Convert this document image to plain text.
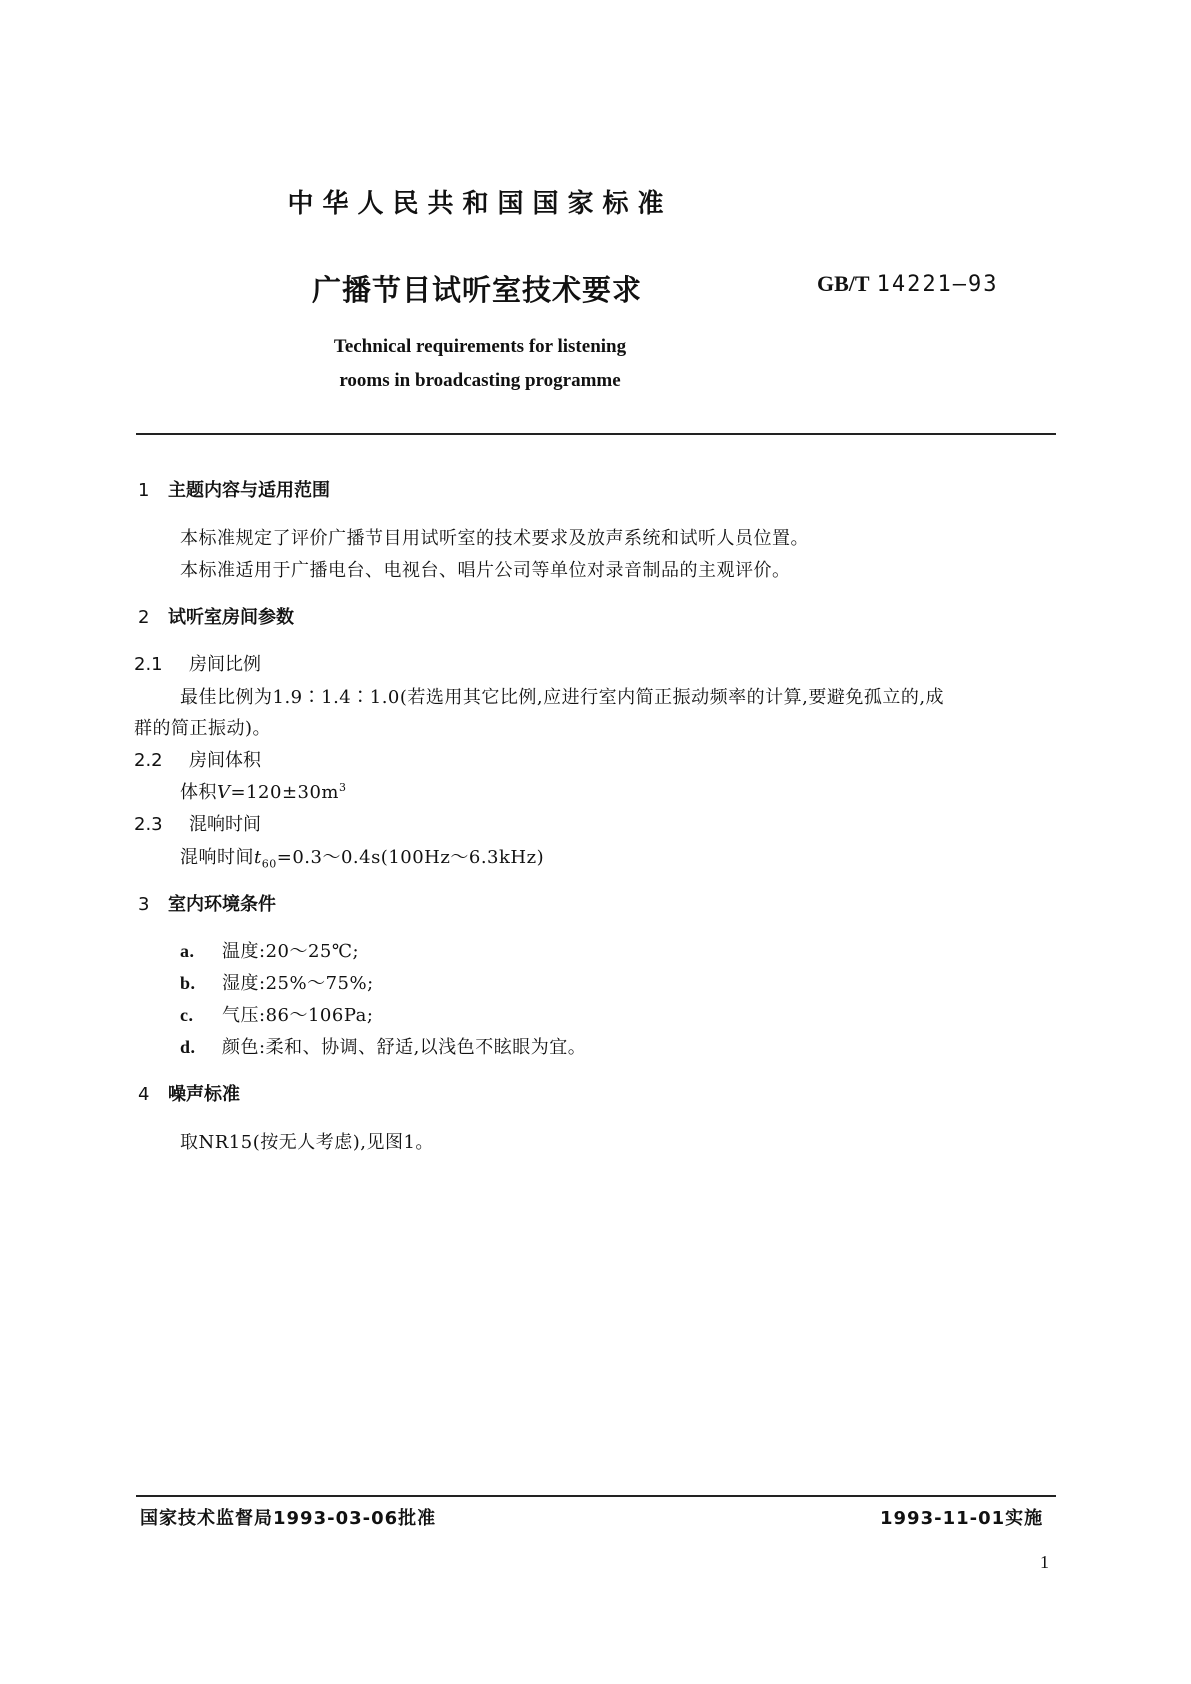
中华人民共和国国家标准
广播节目试听室技术要求	GB/T 14221—93
Technical requirements for listening
rooms in broadcasting programme
1 主题内容与适用范围
本标准规定了评价广播节目用试听室的技术要求及放声系统和试听人员位置。
本标准适用于广播电台、电视台、唱片公司等单位对录音制品的主观评价。
2 试听室房间参数
2.1 房间比例
最佳比例为1.9∶1.4∶1.0(若选用其它比例,应进行室内简正振动频率的计算,要避免孤立的,成
群的简正振动)。
2.2 房间体积
体积$V=120\pm 30m^3$
2.3 混响时间
混响时间$t_{60}=0.3\sim 0.4s(100Hz\sim 6.3kHz)$
3 室内环境条件
a. 温度:20～25℃;
b. 湿度:25%～75%;
c. 气压:86～106Pa;
d. 颜色:柔和、协调、舒适,以浅色不眩眼为宜。
4 噪声标准
取NR15(按无人考虑),见图1。
国家技术监督局1993-03-06批准	1993-11-01实施
1
